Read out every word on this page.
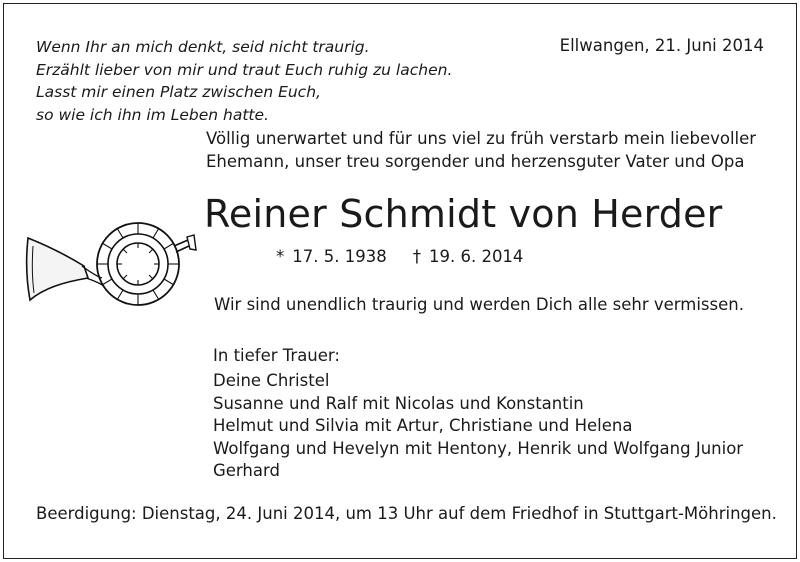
Wenn Ihr an mich denkt, seid nicht traurig.
Erzählt lieber von mir und traut Euch ruhig zu lachen.
Lasst mir einen Platz zwischen Euch,
so wie ich ihn im Leben hatte.
Ellwangen, 21. Juni 2014
Völlig unerwartet und für uns viel zu früh verstarb mein liebevoller
Ehemann, unser treu sorgender und herzensguter Vater und Opa
Reiner Schmidt von Herder
* 17. 5. 1938 † 19. 6. 2014
Wir sind unendlich traurig und werden Dich alle sehr vermissen.
In tiefer Trauer:
Deine Christel
Susanne und Ralf mit Nicolas und Konstantin
Helmut und Silvia mit Artur, Christiane und Helena
Wolfgang und Hevelyn mit Hentony, Henrik und Wolfgang Junior
Gerhard
Beerdigung: Dienstag, 24. Juni 2014, um 13 Uhr auf dem Friedhof in Stuttgart-Möhringen.
